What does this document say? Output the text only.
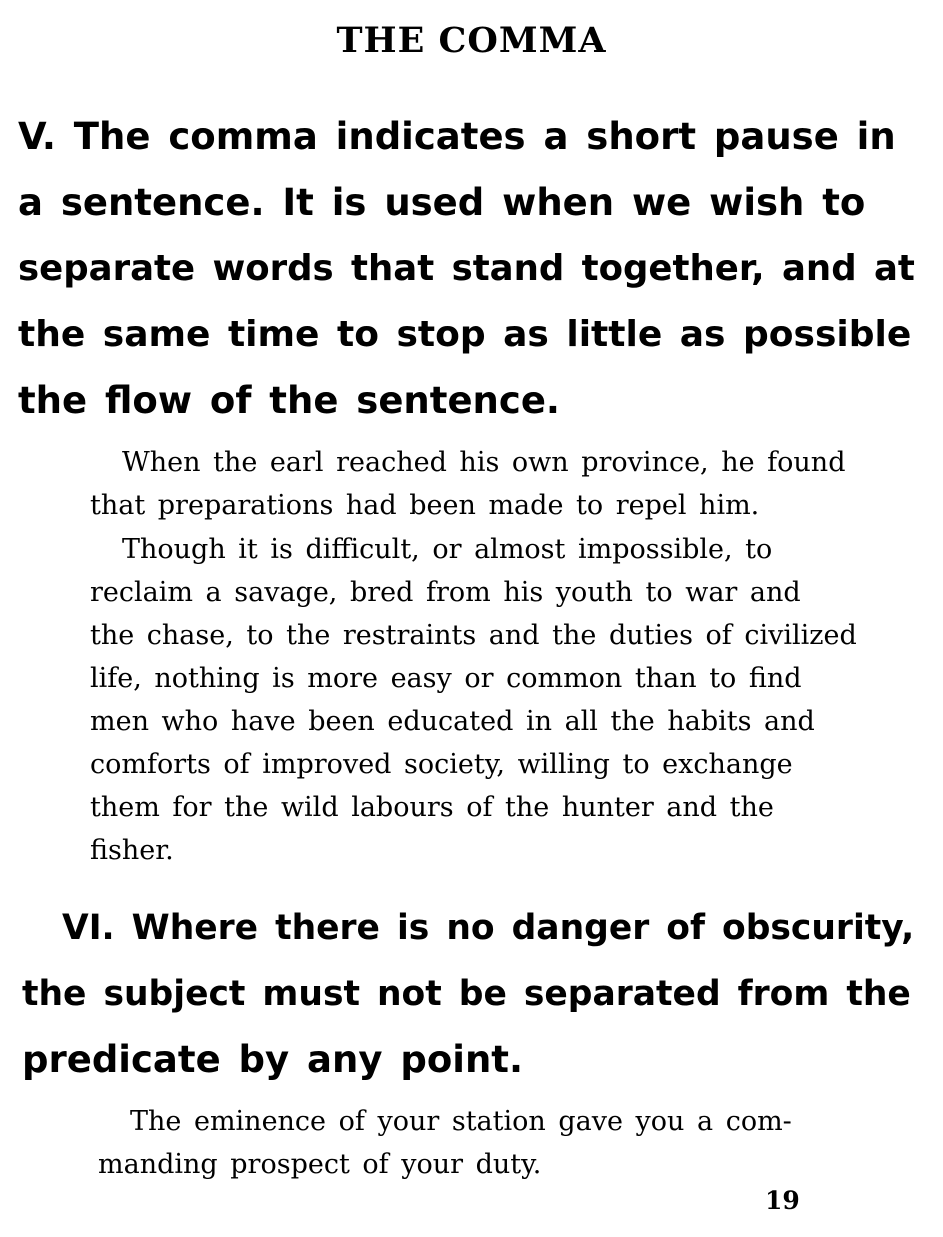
THE COMMA
V. The comma indicates a short pause in
a sentence. It is used when we wish to
separate words that stand together, and at
the same time to stop as little as possible
the flow of the sentence.
When the earl reached his own province, he found
that preparations had been made to repel him.
Though it is difficult, or almost impossible, to
reclaim a savage, bred from his youth to war and
the chase, to the restraints and the duties of civilized
life, nothing is more easy or common than to find
men who have been educated in all the habits and
comforts of improved society, willing to exchange
them for the wild labours of the hunter and the
fisher.
VI. Where there is no danger of obscurity,
the subject must not be separated from the
predicate by any point.
The eminence of your station gave you a com-
manding prospect of your duty.
19
